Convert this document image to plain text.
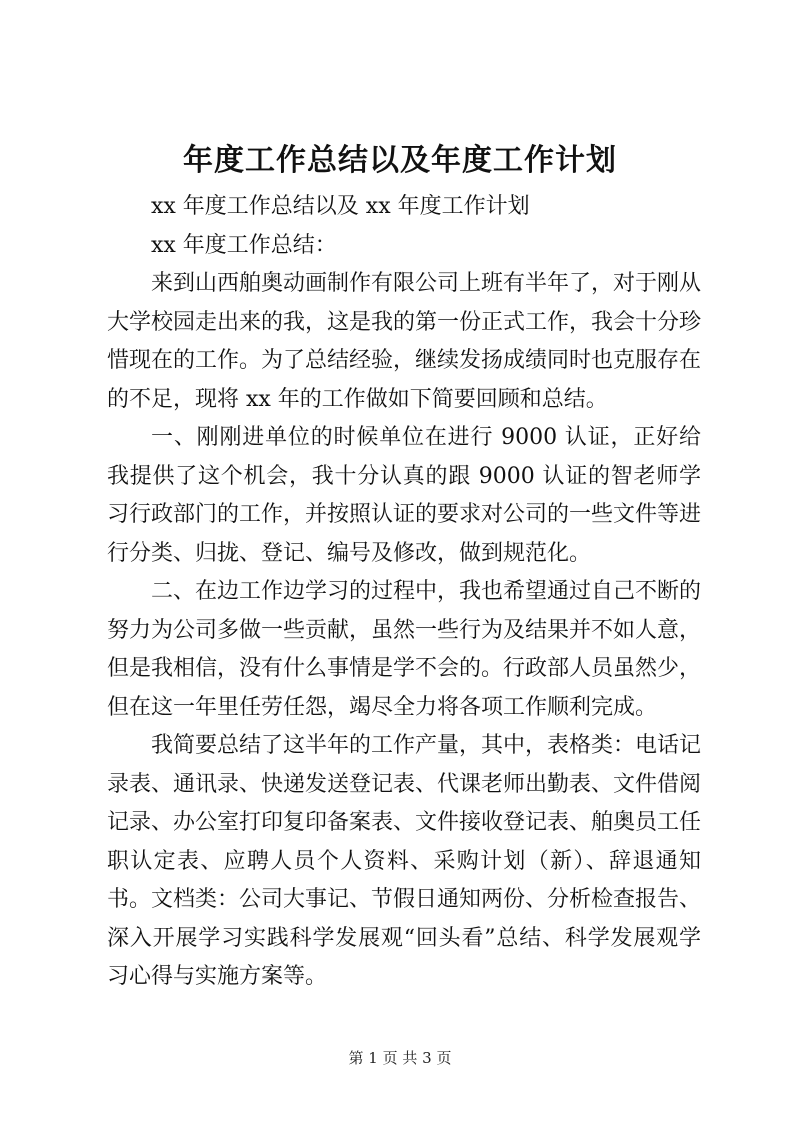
年度工作总结以及年度工作计划

xx 年度工作总结以及 xx 年度工作计划

xx 年度工作总结：

来到山西舶奥动画制作有限公司上班有半年了，对于刚从大学校园走出来的我，这是我的第一份正式工作，我会十分珍惜现在的工作。为了总结经验，继续发扬成绩同时也克服存在的不足，现将 xx 年的工作做如下简要回顾和总结。

一、刚刚进单位的时候单位在进行 9000 认证，正好给我提供了这个机会，我十分认真的跟 9000 认证的智老师学习行政部门的工作，并按照认证的要求对公司的一些文件等进行分类、归拢、登记、编号及修改，做到规范化。

二、在边工作边学习的过程中，我也希望通过自己不断的努力为公司多做一些贡献，虽然一些行为及结果并不如人意，但是我相信，没有什么事情是学不会的。行政部人员虽然少，但在这一年里任劳任怨，竭尽全力将各项工作顺利完成。

我简要总结了这半年的工作产量，其中，表格类：电话记录表、通讯录、快递发送登记表、代课老师出勤表、文件借阅记录、办公室打印复印备案表、文件接收登记表、舶奥员工任职认定表、应聘人员个人资料、采购计划（新）、辞退通知书。文档类：公司大事记、节假日通知两份、分析检查报告、深入开展学习实践科学发展观“回头看”总结、科学发展观学习心得与实施方案等。

第 1 页 共 3 页
